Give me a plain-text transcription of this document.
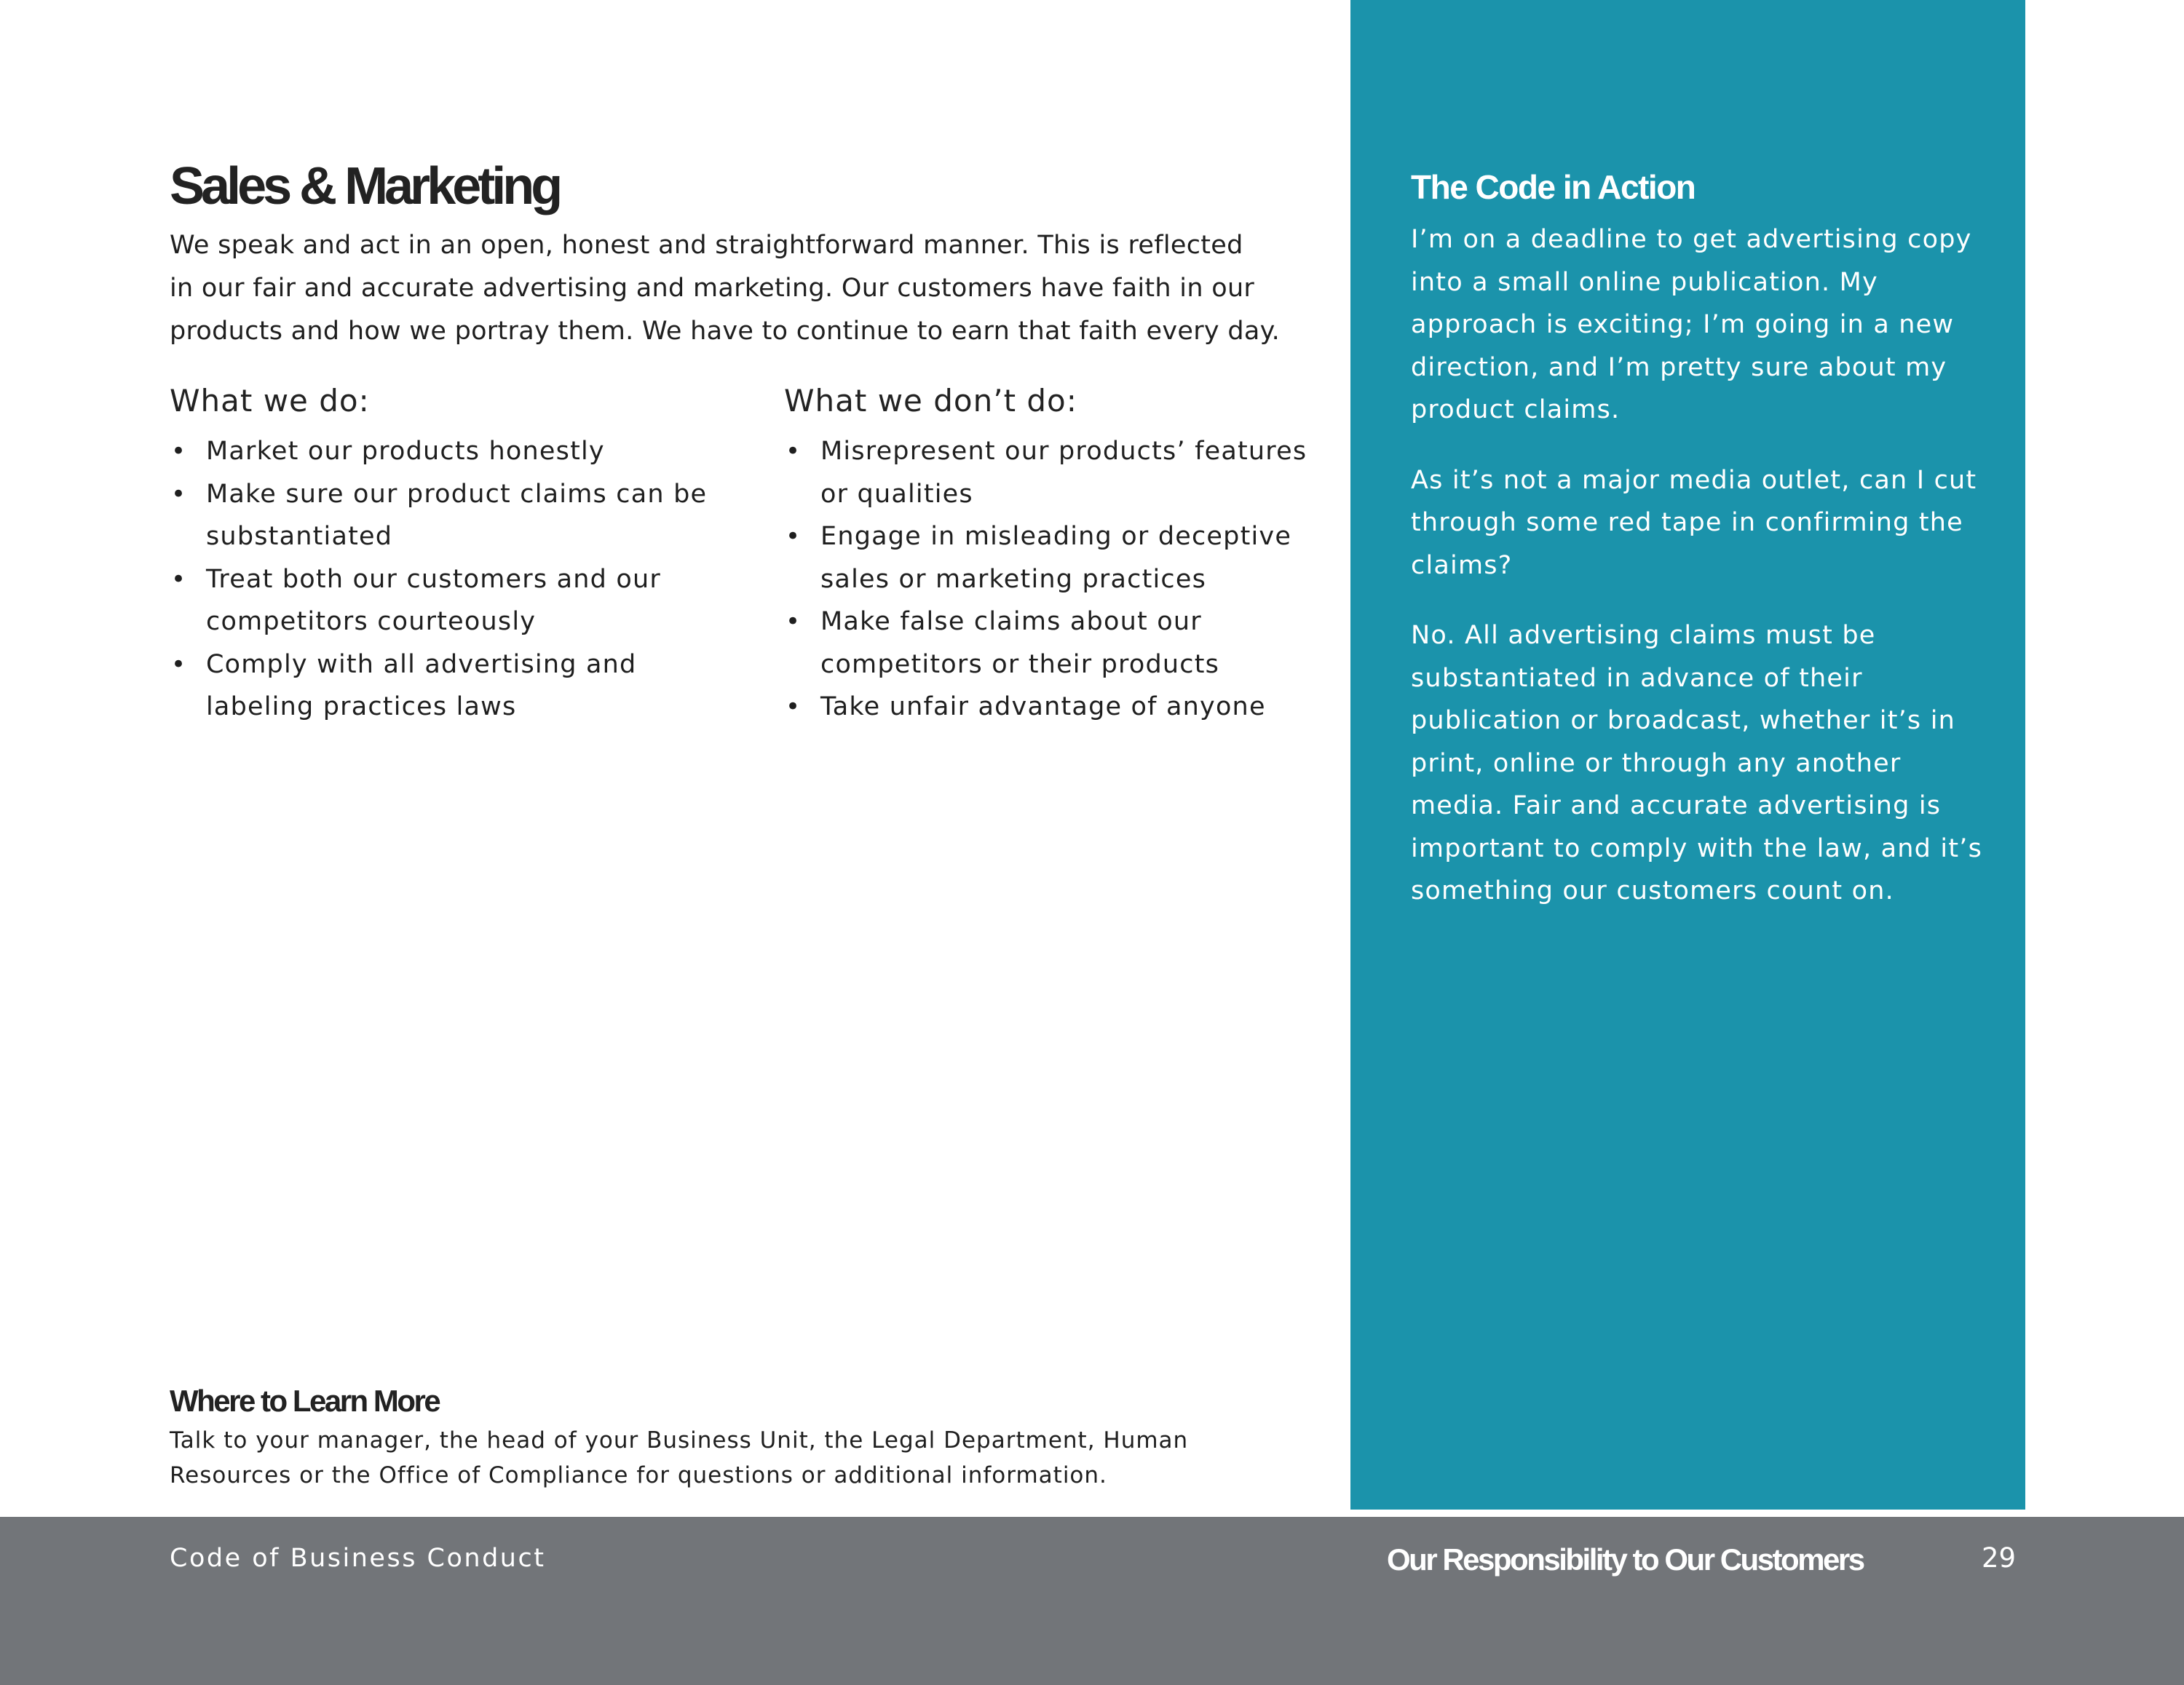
Sales & Marketing

We speak and act in an open, honest and straightforward manner. This is reflected
in our fair and accurate advertising and marketing. Our customers have faith in our
products and how we portray them. We have to continue to earn that faith every day.

What we do:
• Market our products honestly
• Make sure our product claims can be substantiated
• Treat both our customers and our competitors courteously
• Comply with all advertising and labeling practices laws
What we don’t do:
• Misrepresent our products’ features or qualities
• Engage in misleading or deceptive sales or marketing practices
• Make false claims about our competitors or their products
• Take unfair advantage of anyone
Where to Learn More

Talk to your manager, the head of your Business Unit, the Legal Department, Human
Resources or the Office of Compliance for questions or additional information.

The Code in Action

I’m on a deadline to get advertising copy into a small online publication. My approach is exciting; I’m going in a new direction, and I’m pretty sure about my product claims.

As it’s not a major media outlet, can I cut through some red tape in confirming the claims?

No. All advertising claims must be substantiated in advance of their publication or broadcast, whether it’s in print, online or through any another media. Fair and accurate advertising is important to comply with the law, and it’s something our customers count on.

Code of Business Conduct	Our Responsibility to Our Customers	29
